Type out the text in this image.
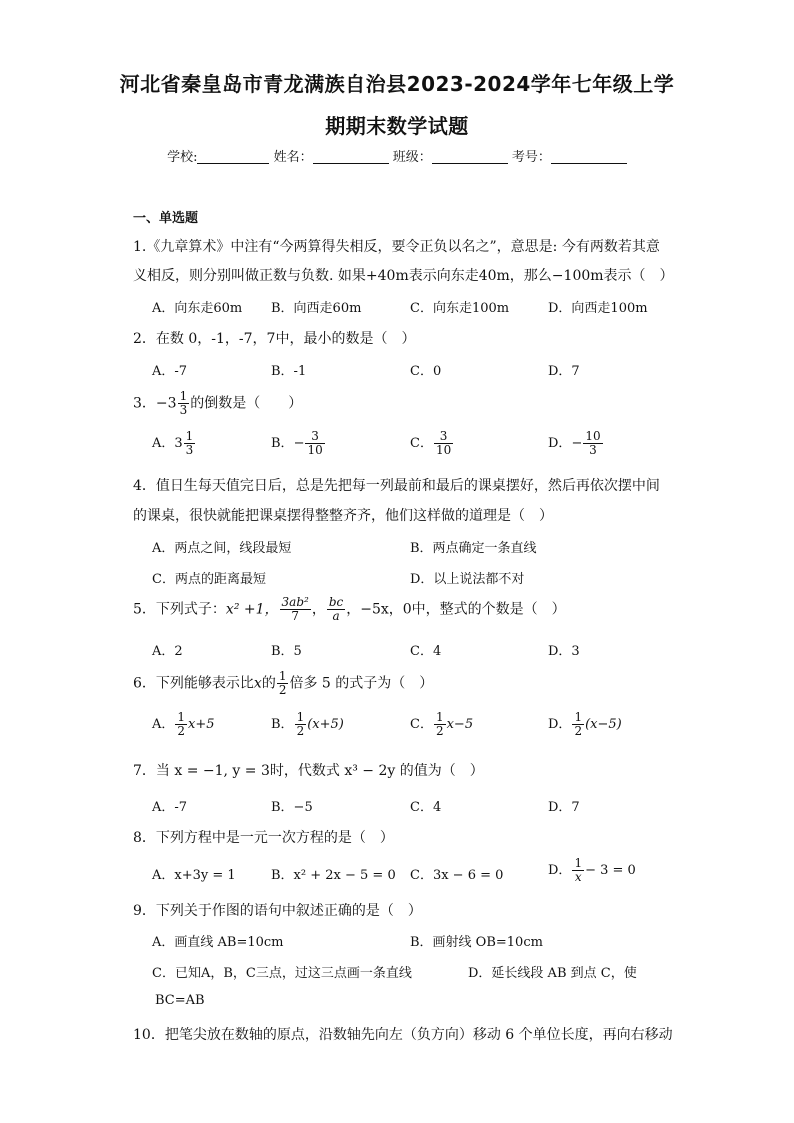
河北省秦皇岛市青龙满族自治县2023-2024学年七年级上学
期期末数学试题
学校:	姓名：	班级：	考号：
一、单选题
1.《九章算术》中注有“今两算得失相反，要令正负以名之”，意思是: 今有两数若其意
义相反，则分别叫做正数与负数. 如果+40m表示向东走40m，那么−100m表示（　）
A．向东走60m B．向西走60m	C．向东走100m	D．向西走100m
2．在数 0，-1，-7，7中，最小的数是（　）
A．-7	B．-1	C．0	D．7
3．$-3 \frac{1}{3}$ 的倒数是（　　）
A．$3 \frac{1}{3}$	B．− $\frac{3}{10}$	C． $\frac{3}{10}$	D．− $\frac{10}{3}$
4．值日生每天值完日后，总是先把每一列最前和最后的课桌摆好，然后再依次摆中间
的课桌，很快就能把课桌摆得整整齐齐，他们这样做的道理是（　）
A．两点之间，线段最短	B．两点确定一条直线
C．两点的距离最短	D．以上说法都不对
5．下列式子：x² +1， $\frac{\text{3ab²}}{7}$ ， $\frac{bc}{a}$ ，−5x，0中，整式的个数是（　）
A．2	B．5	C．4	D．3
6．下列能够表示比x的 $\frac{1}{2}$ 倍多 5 的式子为（　）
A． $\frac{1}{2} x+5$	B． $\frac{1}{2} (x+5)$	C． $\frac{1}{2} x-5$	D． $\frac{1}{2} (x-5)$
7．当 x = −1, y = 3时，代数式 x³ − 2y 的值为（　）
A．-7	B．−5	C．4	D．7
8．下列方程中是一元一次方程的是（　）
A．x+3y = 1	B．x² + 2x − 5 = 0 C．3x − 6 = 0	D． $\frac{1}{x} - 3 = 0$
9．下列关于作图的语句中叙述正确的是（　）
A．画直线 AB=10cm	B．画射线 OB=10cm
C．已知A，B，C三点，过这三点画一条直线	D．延长线段 AB 到点 C，使
BC=AB
10．把笔尖放在数轴的原点，沿数轴先向左（负方向）移动 6 个单位长度，再向右移动
